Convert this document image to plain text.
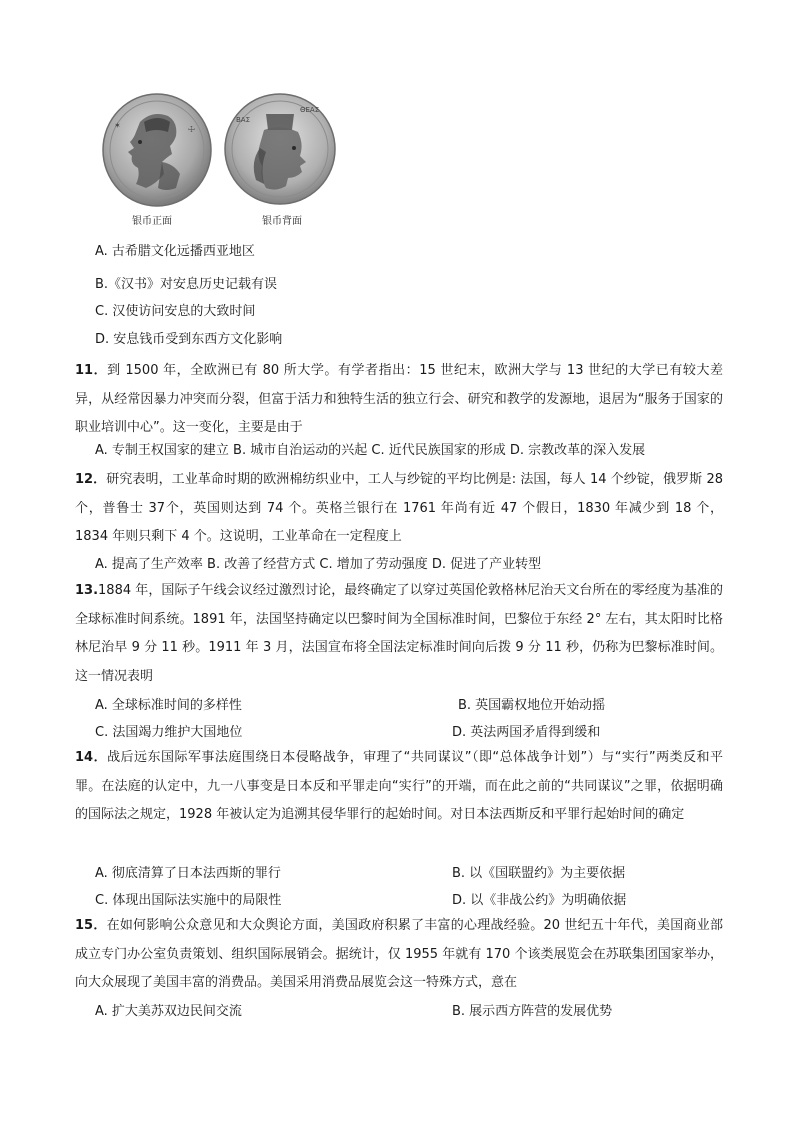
☩
✶
ΘΕΑΣ
ΒΑΣ
银币正面	银币背面
A. 古希腊文化远播西亚地区
B.《汉书》对安息历史记载有误
C. 汉使访问安息的大致时间
D. 安息钱币受到东西方文化影响
11．到 1500 年，全欧洲已有 80 所大学。有学者指出：15 世纪末，欧洲大学与 13 世纪的大学已有较大差异，从经常因暴力冲突而分裂，但富于活力和独特生活的独立行会、研究和教学的发源地，退居为“服务于国家的职业培训中心”。这一变化，主要是由于
A. 专制王权国家的建立 B. 城市自治运动的兴起 C. 近代民族国家的形成 D. 宗教改革的深入发展
12．研究表明，工业革命时期的欧洲棉纺织业中，工人与纱锭的平均比例是: 法国，每人 14 个纱锭，俄罗斯 28 个，普鲁士 37个，英国则达到 74 个。英格兰银行在 1761 年尚有近 47 个假日，1830 年减少到 18 个，1834 年则只剩下 4 个。这说明，工业革命在一定程度上
A. 提高了生产效率 B. 改善了经营方式 C. 增加了劳动强度 D. 促进了产业转型
13.1884 年，国际子午线会议经过激烈讨论，最终确定了以穿过英国伦敦格林尼治天文台所在的零经度为基准的全球标准时间系统。1891 年，法国坚持确定以巴黎时间为全国标准时间，巴黎位于东经 2° 左右，其太阳时比格林尼治早 9 分 11 秒。1911 年 3 月，法国宣布将全国法定标准时间向后拨 9 分 11 秒，仍称为巴黎标准时间。这一情况表明
A. 全球标准时间的多样性	B. 英国霸权地位开始动摇
C. 法国竭力维护大国地位	D. 英法两国矛盾得到缓和
14．战后远东国际军事法庭围绕日本侵略战争，审理了“共同谋议”（即“总体战争计划”）与“实行”两类反和平罪。在法庭的认定中，九一八事变是日本反和平罪走向“实行”的开端，而在此之前的“共同谋议”之罪，依据明确的国际法之规定，1928 年被认定为追溯其侵华罪行的起始时间。对日本法西斯反和平罪行起始时间的确定
A. 彻底清算了日本法西斯的罪行	B. 以《国联盟约》为主要依据
C. 体现出国际法实施中的局限性	D. 以《非战公约》为明确依据
15．在如何影响公众意见和大众舆论方面，美国政府积累了丰富的心理战经验。20 世纪五十年代，美国商业部成立专门办公室负责策划、组织国际展销会。据统计，仅 1955 年就有 170 个该类展览会在苏联集团国家举办，向大众展现了美国丰富的消费品。美国采用消费品展览会这一特殊方式，意在
A. 扩大美苏双边民间交流	B. 展示西方阵营的发展优势
